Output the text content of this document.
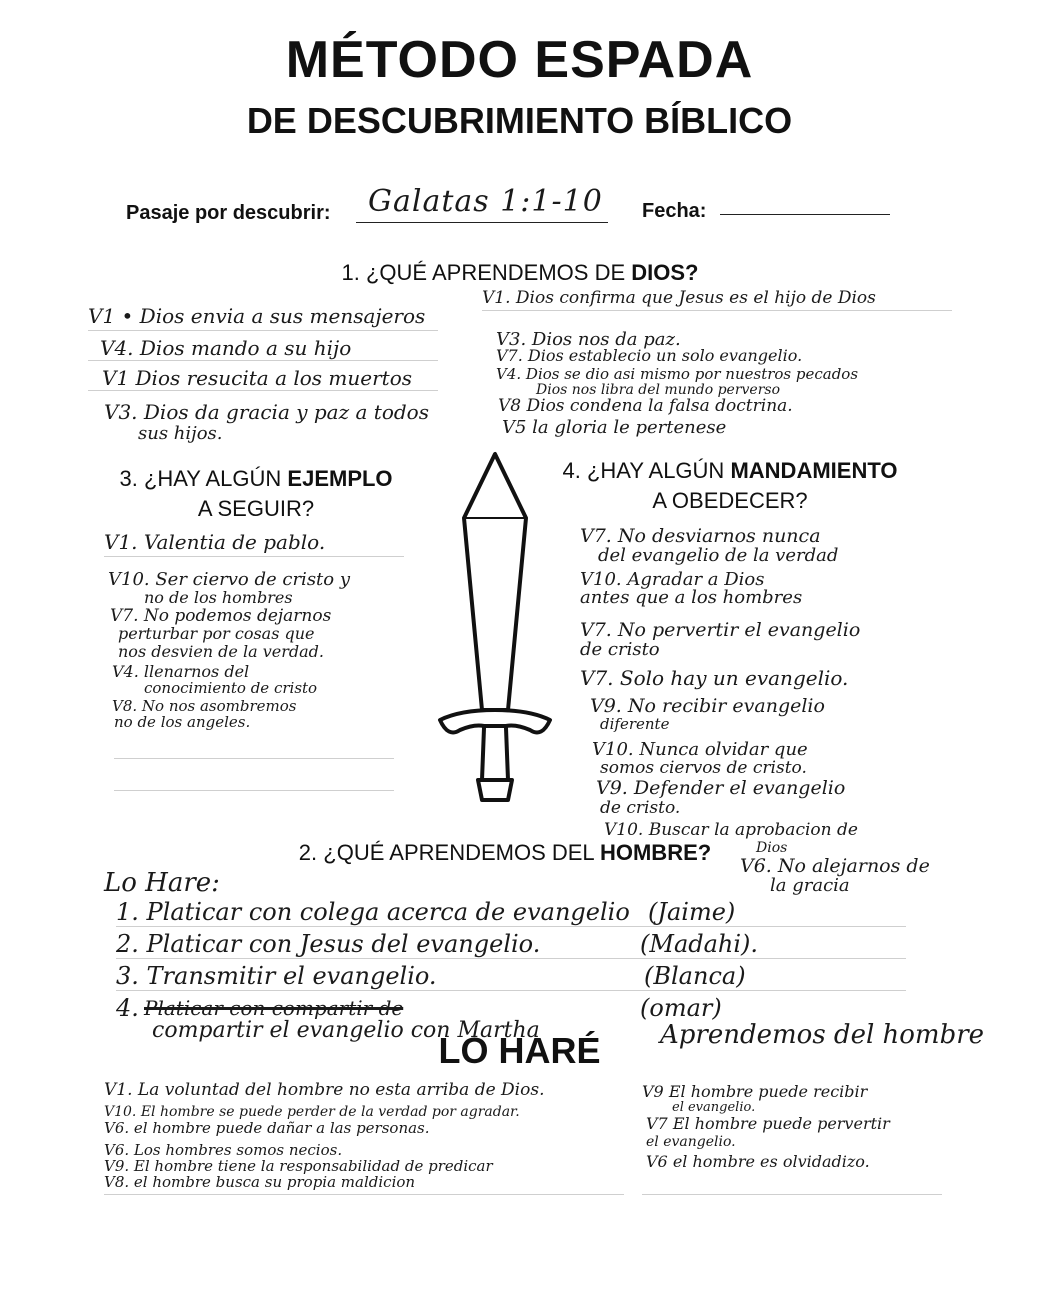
MÉTODO ESPADA
DE DESCUBRIMIENTO BÍBLICO
Pasaje por descubrir: Galatas 1:1-10 Fecha:
1. ¿QUÉ APRENDEMOS DE DIOS?
V1 • Dios envia a sus mensajeros
V4. Dios mando a su hijo
V1 Dios resucita a los muertos
V3. Dios da gracia y paz a todos
sus hijos.
V1. Dios confirma que Jesus es el hijo de Dios
V3. Dios nos da paz.
V7. Dios establecio un solo evangelio.
V4. Dios se dio asi mismo por nuestros pecados
Dios nos libra del mundo perverso
V8 Dios condena la falsa doctrina.
V5 la gloria le pertenese
3. ¿HAY ALGÚN EJEMPLO
A SEGUIR?
V1. Valentia de pablo.
V10. Ser ciervo de cristo y
no de los hombres
V7. No podemos dejarnos
perturbar por cosas que
nos desvien de la verdad.
V4. llenarnos del
conocimiento de cristo
V8. No nos asombremos
no de los angeles.
4. ¿HAY ALGÚN MANDAMIENTO
A OBEDECER?
V7. No desviarnos nunca
del evangelio de la verdad
V10. Agradar a Dios
antes que a los hombres
V7. No pervertir el evangelio
de cristo
V7. Solo hay un evangelio.
V9. No recibir evangelio
diferente
V10. Nunca olvidar que
somos ciervos de cristo.
V9. Defender el evangelio
de cristo.
V10. Buscar la aprobacion de
Dios
V6. No alejarnos de
la gracia
2. ¿QUÉ APRENDEMOS DEL HOMBRE?
Lo Hare:
1. Platicar con colega acerca de evangelio (Jaime)
2. Platicar con Jesus del evangelio.	(Madahi).
3. Transmitir el evangelio.	(Blanca)
4. Platicar con compartir de	(omar)
compartir el evangelio con Martha	Aprendemos del hombre
LO HARÉ
V1. La voluntad del hombre no esta arriba de Dios.
V10. El hombre se puede perder de la verdad por agradar.
V6. el hombre puede dañar a las personas.
V6. Los hombres somos necios.
V9. El hombre tiene la responsabilidad de predicar
V8. el hombre busca su propia maldicion
V9 El hombre puede recibir
el evangelio.
V7 El hombre puede pervertir
el evangelio.
V6 el hombre es olvidadizo.
